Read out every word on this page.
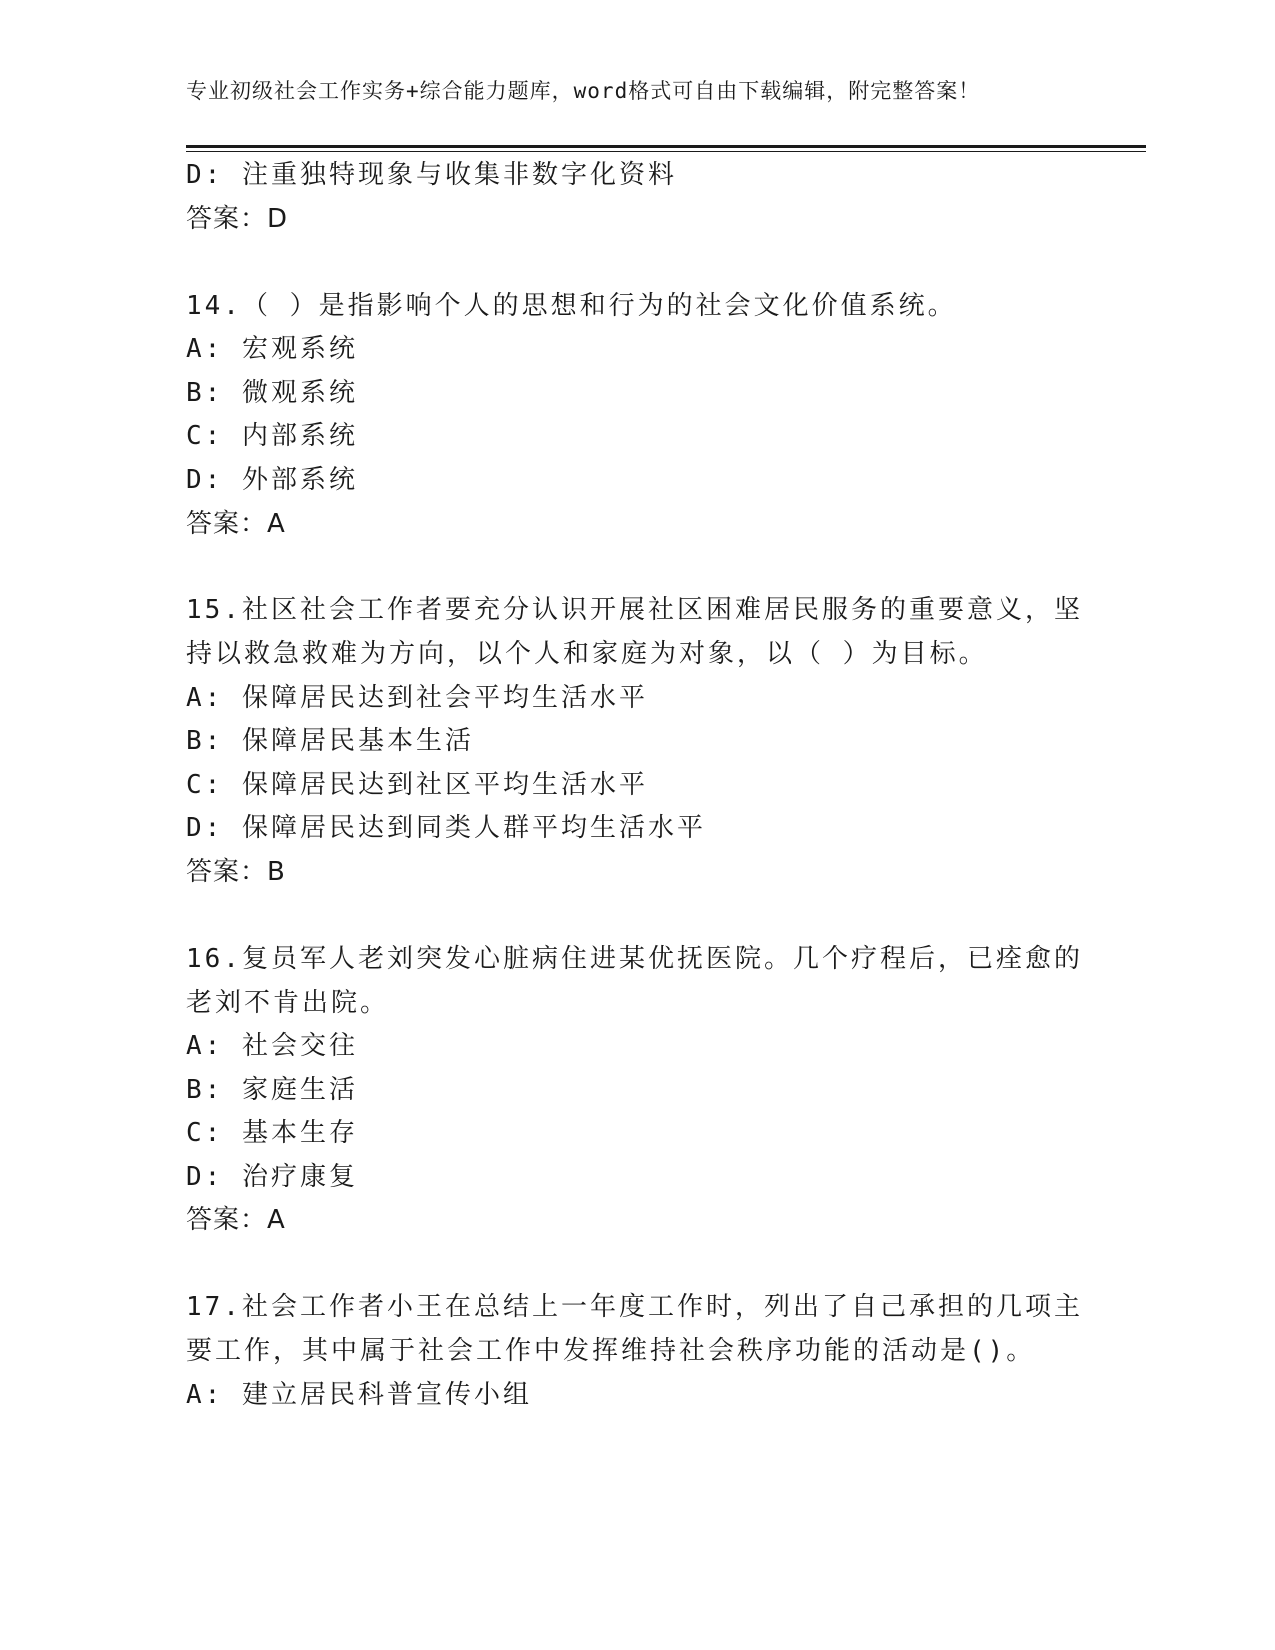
专业初级社会工作实务+综合能力题库，word格式可自由下载编辑，附完整答案！
D: 注重独特现象与收集非数字化资料
答案：D
14.（ ）是指影响个人的思想和行为的社会文化价值系统。
A: 宏观系统
B: 微观系统
C: 内部系统
D: 外部系统
答案：A
15.社区社会工作者要充分认识开展社区困难居民服务的重要意义，坚
持以救急救难为方向，以个人和家庭为对象，以（ ）为目标。
A: 保障居民达到社会平均生活水平
B: 保障居民基本生活
C: 保障居民达到社区平均生活水平
D: 保障居民达到同类人群平均生活水平
答案：B
16.复员军人老刘突发心脏病住进某优抚医院。几个疗程后，已痊愈的
老刘不肯出院。
A: 社会交往
B: 家庭生活
C: 基本生存
D: 治疗康复
答案：A
17.社会工作者小王在总结上一年度工作时，列出了自己承担的几项主
要工作，其中属于社会工作中发挥维持社会秩序功能的活动是()。
A: 建立居民科普宣传小组
